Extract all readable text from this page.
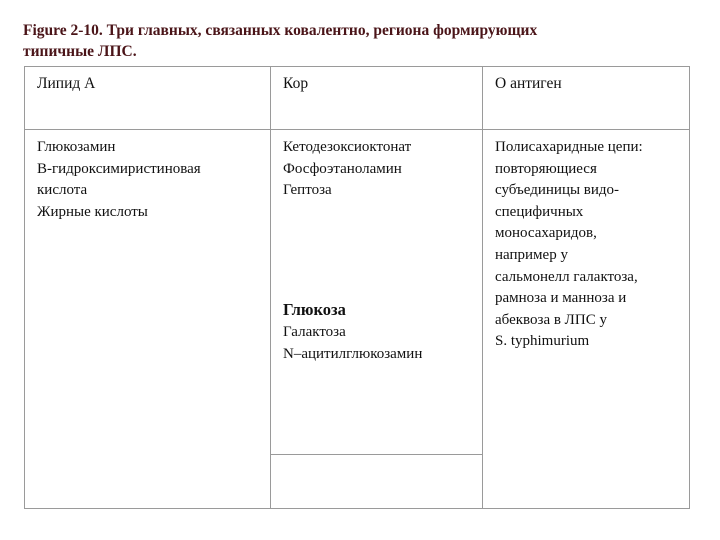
Figure 2-10. Три главных, связанных ковалентно, региона формирующих
типичные ЛПС.
Липид А	Кор	О антиген
Глюкозамин
В-гидроксимиристиновая
кислота
Жирные кислоты
Кетодезоксиоктонат
Фосфоэтаноламин
Гептоза
Глюкоза
Галактоза
N–ацитилглюкозамин
Полисахаридные цепи:
повторяющиеся
субъединицы видо-
специфичных
моносахаридов,
например у
сальмонелл галактоза,
рамноза и манноза и
абеквоза в ЛПС у
S. typhimurium
